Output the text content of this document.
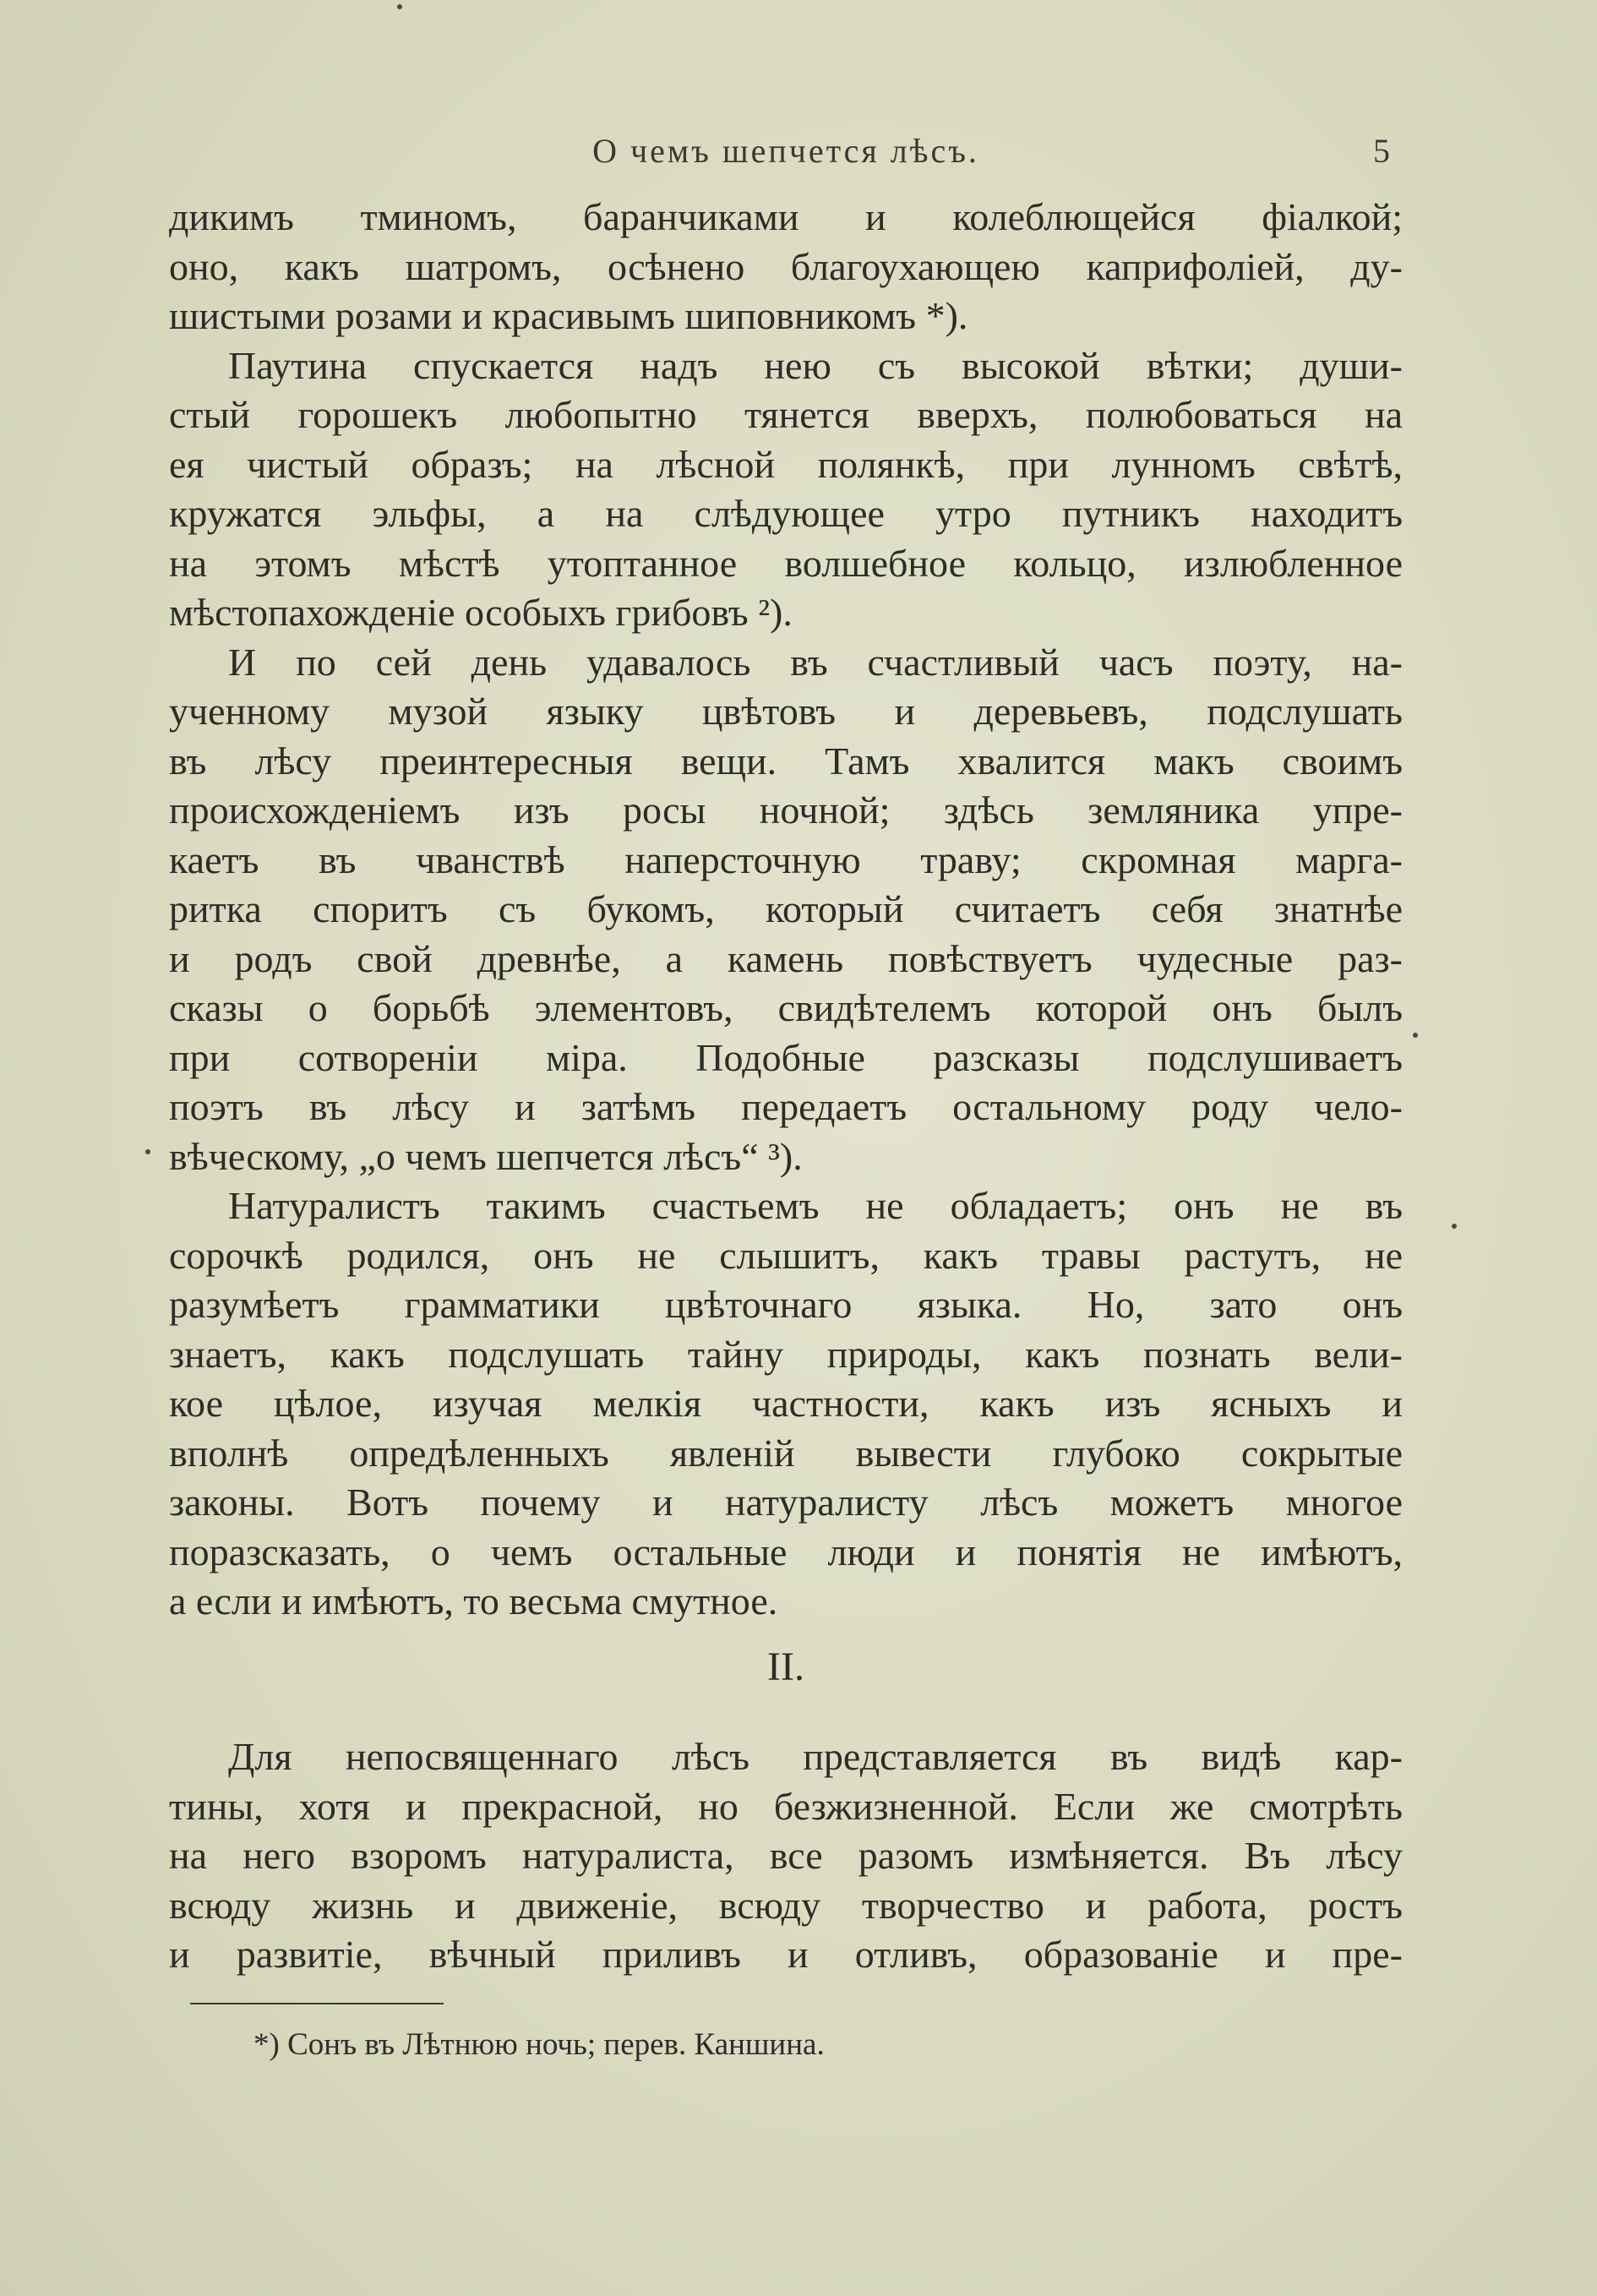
О чемъ шепчется лѣсъ.	5
дикимъ тминомъ, баранчиками и колеблющейся фіалкой;
оно, какъ шатромъ, осѣнено благоухающею каприфоліей, ду-
шистыми розами и красивымъ шиповникомъ *).
Паутина спускается надъ нею съ высокой вѣтки; души-
стый горошекъ любопытно тянется вверхъ, полюбоваться на
ея чистый образъ; на лѣсной полянкѣ, при лунномъ свѣтѣ,
кружатся эльфы, а на слѣдующее утро путникъ находитъ
на этомъ мѣстѣ утоптанное волшебное кольцо, излюбленное
мѣстопахожденіе особыхъ грибовъ ²).
И по сей день удавалось въ счастливый часъ поэту, на-
ученному музой языку цвѣтовъ и деревьевъ, подслушать
въ лѣсу преинтересныя вещи. Тамъ хвалится макъ своимъ
происхожденіемъ изъ росы ночной; здѣсь земляника упре-
каетъ въ чванствѣ наперсточную траву; скромная марга-
ритка споритъ съ букомъ, который считаетъ себя знатнѣе
и родъ свой древнѣе, а камень повѣствуетъ чудесные раз-
сказы о борьбѣ элементовъ, свидѣтелемъ которой онъ былъ
при сотвореніи міра. Подобные разсказы подслушиваетъ
поэтъ въ лѣсу и затѣмъ передаетъ остальному роду чело-
вѣческому, „о чемъ шепчется лѣсъ“ ³).
Натуралистъ такимъ счастьемъ не обладаетъ; онъ не въ
сорочкѣ родился, онъ не слышитъ, какъ травы растутъ, не
разумѣетъ грамматики цвѣточнаго языка. Но, зато онъ
знаетъ, какъ подслушать тайну природы, какъ познать вели-
кое цѣлое, изучая мелкія частности, какъ изъ ясныхъ и
вполнѣ опредѣленныхъ явленій вывести глубоко сокрытые
законы. Вотъ почему и натуралисту лѣсъ можетъ многое
поразсказать, о чемъ остальные люди и понятія не имѣютъ,
а если и имѣютъ, то весьма смутное.
II.
Для непосвященнаго лѣсъ представляется въ видѣ кар-
тины, хотя и прекрасной, но безжизненной. Если же смотрѣть
на него взоромъ натуралиста, все разомъ измѣняется. Въ лѣсу
всюду жизнь и движеніе, всюду творчество и работа, ростъ
и развитіе, вѣчный приливъ и отливъ, образованіе и пре-
*) Сонъ въ Лѣтнюю ночь; перев. Каншина.
